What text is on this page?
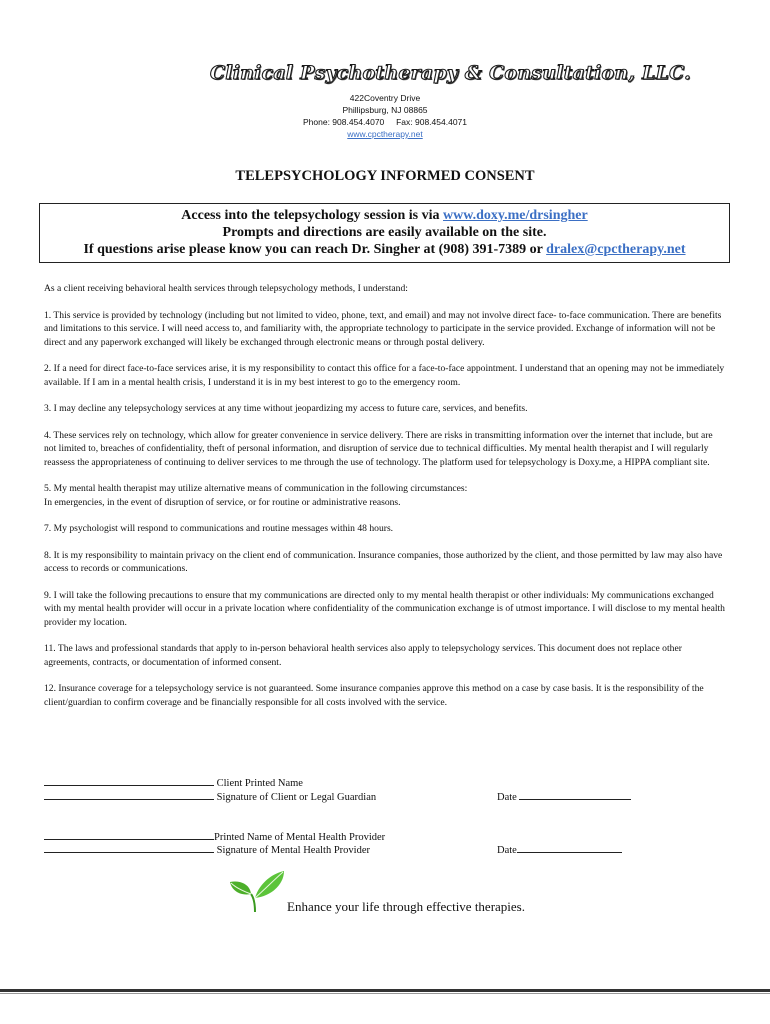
Clinical Psychotherapy & Consultation, LLC.
422Coventry Drive
Phillipsburg, NJ 08865
Phone: 908.454.4070 Fax: 908.454.4071
www.cpctherapy.net
TELEPSYCHOLOGY INFORMED CONSENT
Access into the telepsychology session is via www.doxy.me/drsingher
Prompts and directions are easily available on the site.
If questions arise please know you can reach Dr. Singher at (908) 391-7389 or dralex@cpctherapy.net

As a client receiving behavioral health services through telepsychology methods, I understand:

1. This service is provided by technology (including but not limited to video, phone, text, and email) and may not involve direct face- to-face communication. There are benefits and limitations to this service. I will need access to, and familiarity with, the appropriate technology to participate in the service provided. Exchange of information will not be direct and any paperwork exchanged will likely be exchanged through electronic means or through postal delivery.

2. If a need for direct face-to-face services arise, it is my responsibility to contact this office for a face-to-face appointment. I understand that an opening may not be immediately available. If I am in a mental health crisis, I understand it is in my best interest to go to the emergency room.

3. I may decline any telepsychology services at any time without jeopardizing my access to future care, services, and benefits.

4. These services rely on technology, which allow for greater convenience in service delivery. There are risks in transmitting information over the internet that include, but are not limited to, breaches of confidentiality, theft of personal information, and disruption of service due to technical difficulties. My mental health therapist and I will regularly reassess the appropriateness of continuing to deliver services to me through the use of technology. The platform used for telepsychology is Doxy.me, a HIPPA compliant site.

5. My mental health therapist may utilize alternative means of communication in the following circumstances:
In emergencies, in the event of disruption of service, or for routine or administrative reasons.

7. My psychologist will respond to communications and routine messages within 48 hours.

8. It is my responsibility to maintain privacy on the client end of communication. Insurance companies, those authorized by the client, and those permitted by law may also have access to records or communications.

9. I will take the following precautions to ensure that my communications are directed only to my mental health therapist or other individuals: My communications exchanged with my mental health provider will occur in a private location where confidentiality of the communication exchange is of utmost importance. I will disclose to my mental health provider my location.

11. The laws and professional standards that apply to in-person behavioral health services also apply to telepsychology services. This document does not replace other agreements, contracts, or documentation of informed consent.

12. Insurance coverage for a telepsychology service is not guaranteed. Some insurance companies approve this method on a case by case basis. It is the responsibility of the client/guardian to confirm coverage and be financially responsible for all costs involved with the service.

Client Printed Name
Signature of Client or Legal Guardian	Date
Printed Name of Mental Health Provider
Signature of Mental Health Provider	Date
Enhance your life through effective therapies.
